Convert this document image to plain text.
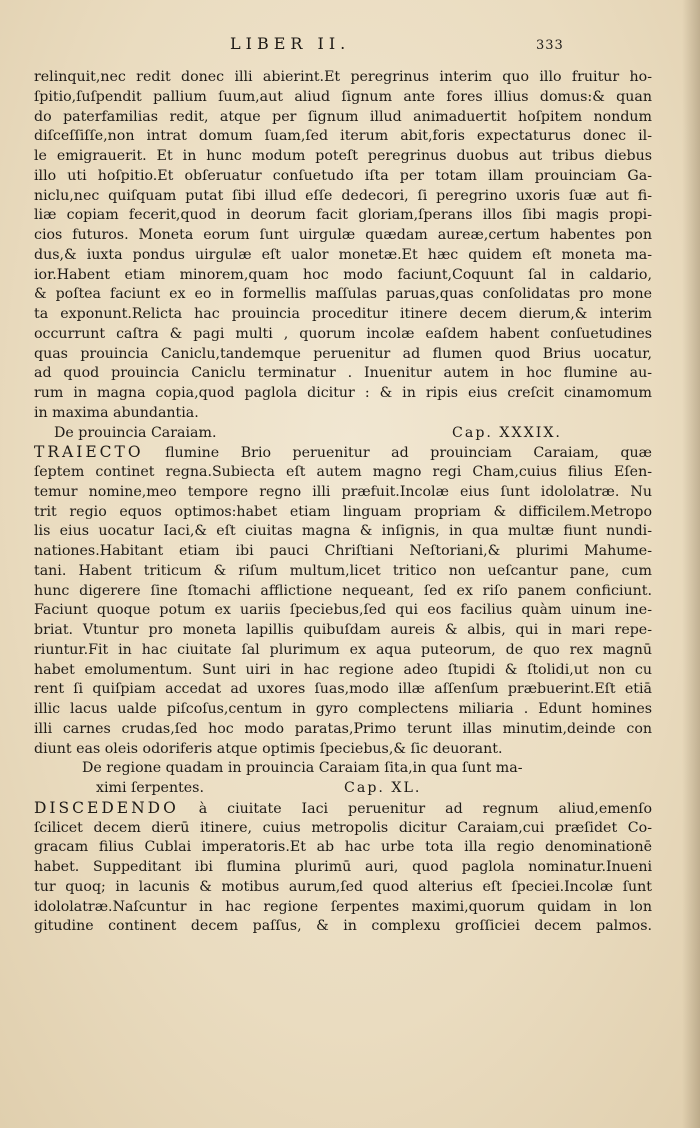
LIBER II.	333
relinquit,nec redit donec illi abierint.Et peregrinus interim quo illo fruitur ho-
ſpitio,ſuſpendit pallium ſuum,aut aliud ſignum ante fores illius domus:& quan
do paterfamilias redit, atque per ſignum illud animaduertit hoſpitem nondum
diſceſſiſſe,non intrat domum ſuam,ſed iterum abit,foris expectaturus donec il-
le emigrauerit. Et in hunc modum poteſt peregrinus duobus aut tribus diebus
illo uti hoſpitio.Et obſeruatur conſuetudo iſta per totam illam prouinciam Ga-
niclu,nec quiſquam putat ſibi illud eſſe dedecori, ſi peregrino uxoris ſuæ aut fi-
liæ copiam fecerit,quod in deorum facit gloriam,ſperans illos ſibi magis propi-
cios futuros. Moneta eorum ſunt uirgulæ quædam aureæ,certum habentes pon
dus,& iuxta pondus uirgulæ eſt ualor monetæ.Et hæc quidem eſt moneta ma-
ior.Habent etiam minorem,quam hoc modo faciunt,Coquunt ſal in caldario,
& poſtea faciunt ex eo in formellis maſſulas paruas,quas conſolidatas pro mone
ta exponunt.Relicta hac prouincia proceditur itinere decem dierum,& interim
occurrunt caſtra & pagi multi , quorum incolæ eaſdem habent conſuetudines
quas prouincia Caniclu,tandemque peruenitur ad flumen quod Brius uocatur,
ad quod prouincia Caniclu terminatur . Inuenitur autem in hoc flumine au-
rum in magna copia,quod paglola dicitur : & in ripis eius creſcit cinamomum
in maxima abundantia.
De prouincia Caraiam.	Cap. XXXIX.
TRAIECTO flumine Brio peruenitur ad prouinciam Caraiam, quæ
ſeptem continet regna.Subiecta eſt autem magno regi Cham,cuius filius Eſen-
temur nomine,meo tempore regno illi præfuit.Incolæ eius ſunt idololatræ. Nu
trit regio equos optimos:habet etiam linguam propriam & difficilem.Metropo
lis eius uocatur Iaci,& eſt ciuitas magna & inſignis, in qua multæ fiunt nundi-
nationes.Habitant etiam ibi pauci Chriſtiani Neſtoriani,& plurimi Mahume-
tani. Habent triticum & riſum multum,licet tritico non ueſcantur pane, cum
hunc digerere ſine ſtomachi afflictione nequeant, ſed ex riſo panem conficiunt.
Faciunt quoque potum ex uariis ſpeciebus,ſed qui eos facilius quàm uinum ine-
briat. Vtuntur pro moneta lapillis quibuſdam aureis & albis, qui in mari repe-
riuntur.Fit in hac ciuitate ſal plurimum ex aqua puteorum, de quo rex magnū
habet emolumentum. Sunt uiri in hac regione adeo ſtupidi & ſtolidi,ut non cu
rent ſi quiſpiam accedat ad uxores ſuas,modo illæ aſſenſum præbuerint.Eſt etiā
illic lacus ualde piſcoſus,centum in gyro complectens miliaria . Edunt homines
illi carnes crudas,ſed hoc modo paratas,Primo terunt illas minutim,deinde con
diunt eas oleis odoriferis atque optimis ſpeciebus,& ſic deuorant.
De regione quadam in prouincia Caraiam ſita,in qua ſunt ma-
ximi ſerpentes.	Cap. XL.
DISCEDENDO à ciuitate Iaci peruenitur ad regnum aliud,emenſo
ſcilicet decem dierū itinere, cuius metropolis dicitur Caraiam,cui præſidet Co-
gracam filius Cublai imperatoris.Et ab hac urbe tota illa regio denominationē
habet. Suppeditant ibi flumina plurimū auri, quod paglola nominatur.Inueni
tur quoq; in lacunis & motibus aurum,ſed quod alterius eſt ſpeciei.Incolæ ſunt
idololatræ.Naſcuntur in hac regione ſerpentes maximi,quorum quidam in lon
gitudine continent decem paſſus, & in complexu groſſiciei decem palmos.
